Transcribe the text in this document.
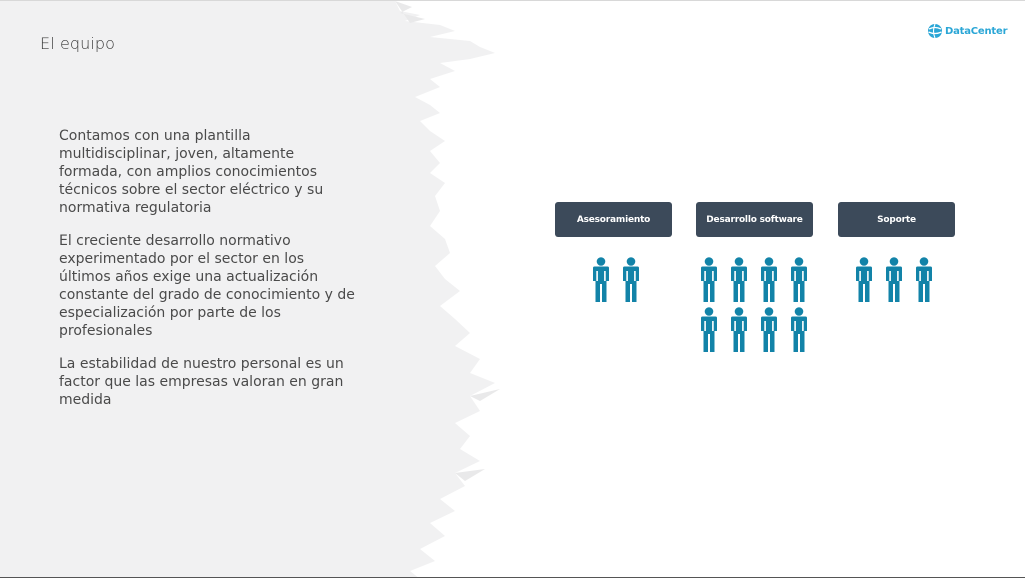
El equipo
Contamos con una plantilla multidisciplinar, joven, altamente formada, con amplios conocimientos técnicos sobre el sector eléctrico y su normativa regulatoria
El creciente desarrollo normativo experimentado por el sector en los últimos años exige una actualización constante del grado de conocimiento y de especialización por parte de los profesionales
La estabilidad de nuestro personal es un factor que las empresas valoran en gran medida
DataCenter
Asesoramiento	Desarrollo software	Soporte
